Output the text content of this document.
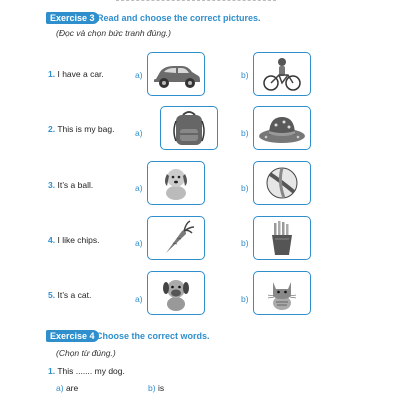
Exercise 3 Read and choose the correct pictures.
(Đọc và chọn bức tranh đúng.)
1. I have a car.	a)	b)
2. This is my bag. a)	b)
3. It’s a ball.	a)	b)
4. I like chips.	a)	b)
5. It’s a cat.	a)	b)
Exercise 4 Choose the correct words.
(Chọn từ đúng.)
1. This ....... my dog.
a) are	b) is
